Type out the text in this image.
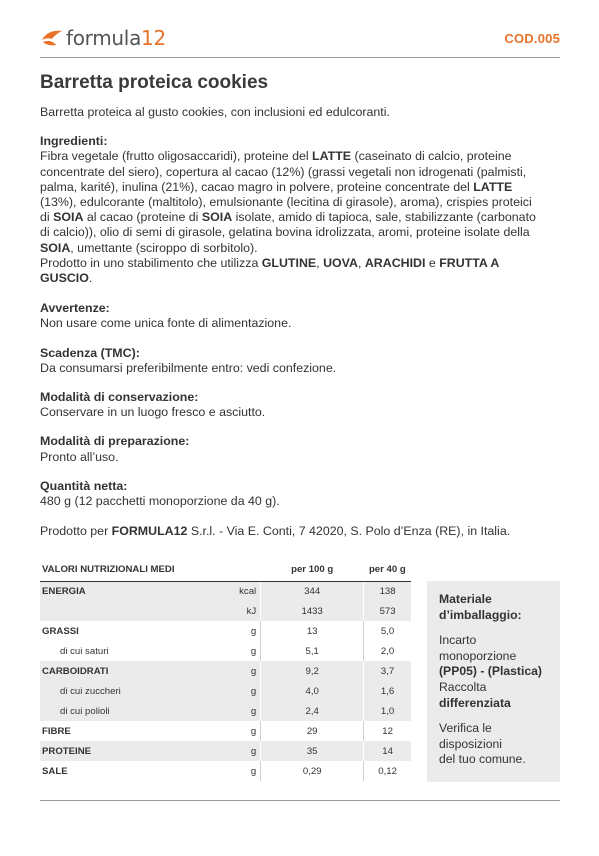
formula12	COD.005
Barretta proteica cookies

Barretta proteica al gusto cookies, con inclusioni ed edulcoranti.

Ingredienti:

Fibra vegetale (frutto oligosaccaridi), proteine del LATTE (caseinato di calcio, proteine concentrate del siero), copertura al cacao (12%) (grassi vegetali non idrogenati (palmisti, palma, karité), inulina (21%), cacao magro in polvere, proteine concentrate del LATTE (13%), edulcorante (maltitolo), emulsionante (lecitina di girasole), aroma), crispies proteici di SOIA al cacao (proteine di SOIA isolate, amido di tapioca, sale, stabilizzante (carbonato di calcio)), olio di semi di girasole, gelatina bovina idrolizzata, aromi, proteine isolate della SOIA, umettante (sciroppo di sorbitolo).

Prodotto in uno stabilimento che utilizza GLUTINE, UOVA, ARACHIDI e FRUTTA A GUSCIO.

Avvertenze:

Non usare come unica fonte di alimentazione.

Scadenza (TMC):

Da consumarsi preferibilmente entro: vedi confezione.

Modalità di conservazione:

Conservare in un luogo fresco e asciutto.

Modalità di preparazione:

Pronto all’uso.

Quantità netta:

480 g (12 pacchetti monoporzione da 40 g).

Prodotto per FORMULA12 S.r.l. - Via E. Conti, 7 42020, S. Polo d’Enza (RE), in Italia.

VALORI NUTRIZIONALI MEDI		per 100 g	per 40 g
ENERGIA	kcal	344	138
	kJ	1433	573
GRASSI	g	13	5,0
di cui saturi	g	5,1	2,0
CARBOIDRATI	g	9,2	3,7
di cui zuccheri	g	4,0	1,6
di cui polioli	g	2,4	1,0
FIBRE	g	29	12
PROTEINE	g	35	14
SALE	g	0,29	0,12

Materiale d’imballaggio:

Incarto

monoporzione

(PP05) - (Plastica)

Raccolta

differenziata

Verifica le

disposizioni

del tuo comune.
